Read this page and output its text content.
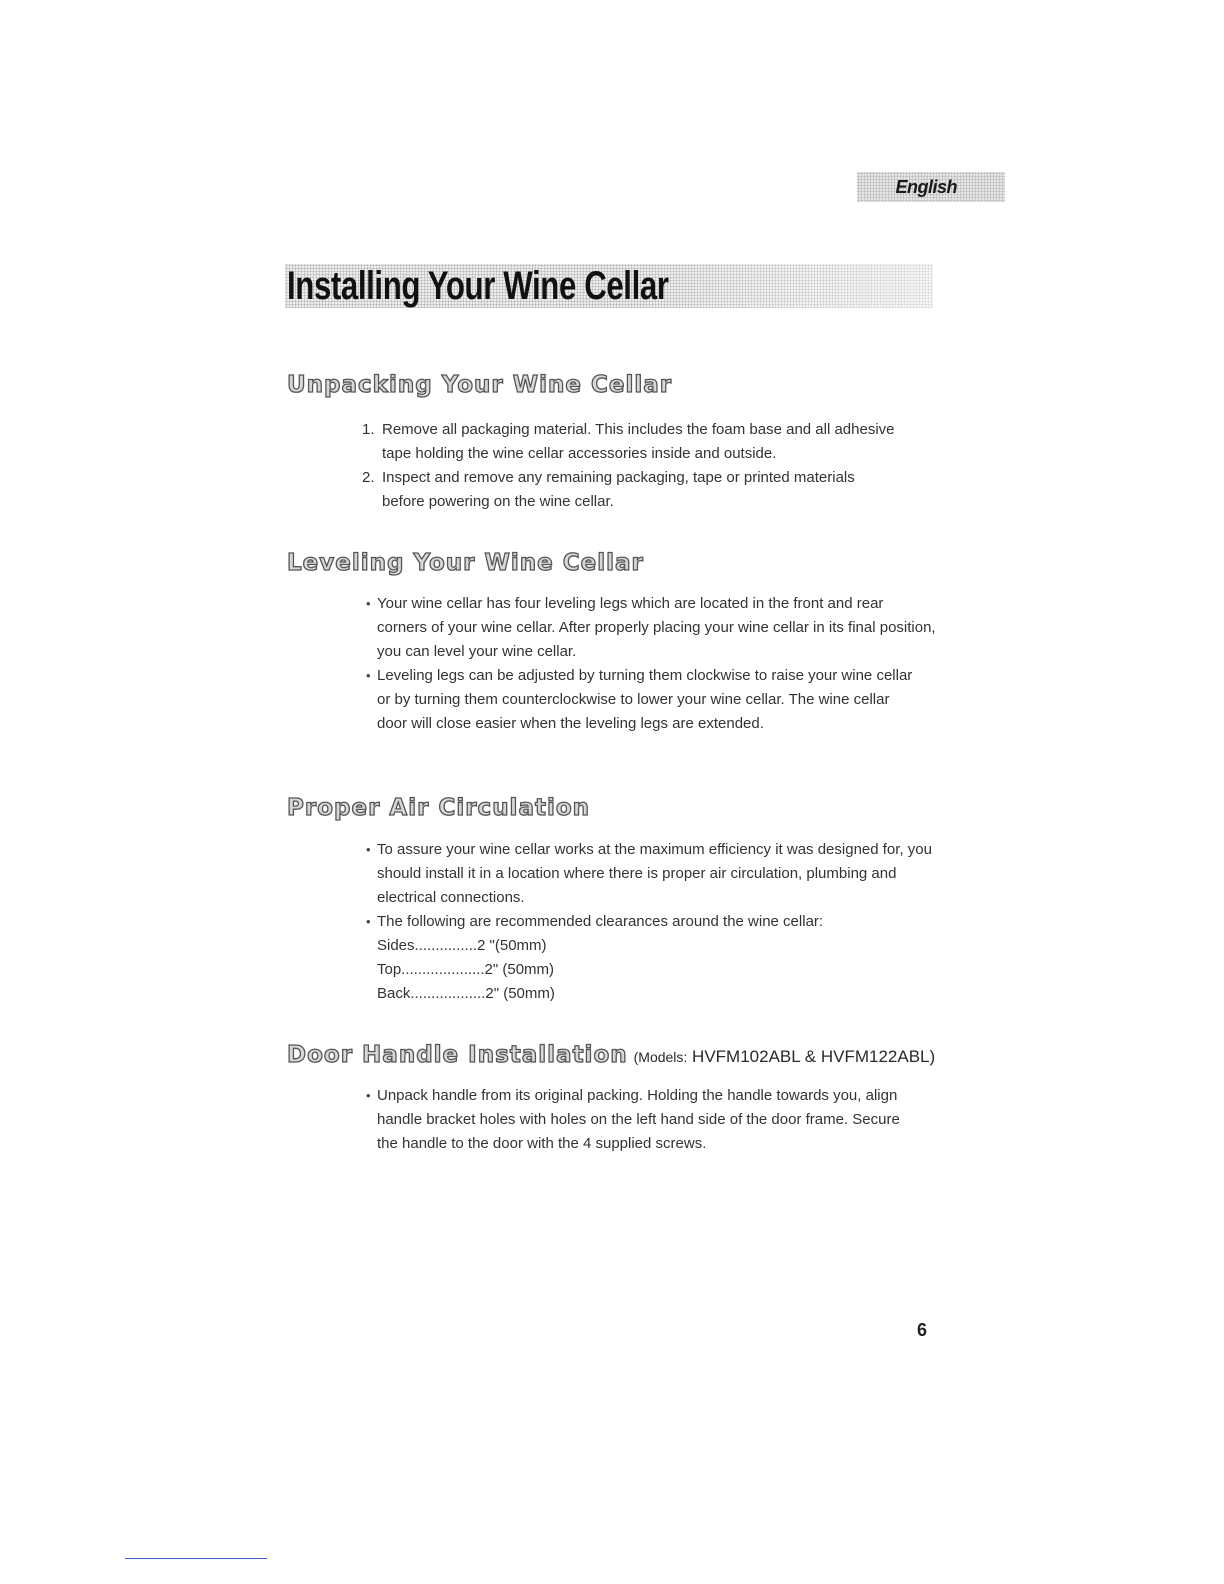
English
Installing Your Wine Cellar
Unpacking Your Wine Cellar
1. Remove all packaging material. This includes the foam base and all adhesive tape holding the wine cellar accessories inside and outside.
2. Inspect and remove any remaining packaging, tape or printed materials before powering on the wine cellar.
Leveling Your Wine Cellar
• Your wine cellar has four leveling legs which are located in the front and rear corners of your wine cellar. After properly placing your wine cellar in its final position, you can level your wine cellar.
• Leveling legs can be adjusted by turning them clockwise to raise your wine cellar or by turning them counterclockwise to lower your wine cellar. The wine cellar door will close easier when the leveling legs are extended.
Proper Air Circulation
• To assure your wine cellar works at the maximum efficiency it was designed for, you should install it in a location where there is proper air circulation, plumbing and electrical connections.
• The following are recommended clearances around the wine cellar:
Sides...............2 "(50mm)
Top....................2" (50mm)
Back..................2" (50mm)
Door Handle Installation (Models: HVFM102ABL & HVFM122ABL)
• Unpack handle from its original packing. Holding the handle towards you, align handle bracket holes with holes on the left hand side of the door frame. Secure the handle to the door with the 4 supplied screws.
6
